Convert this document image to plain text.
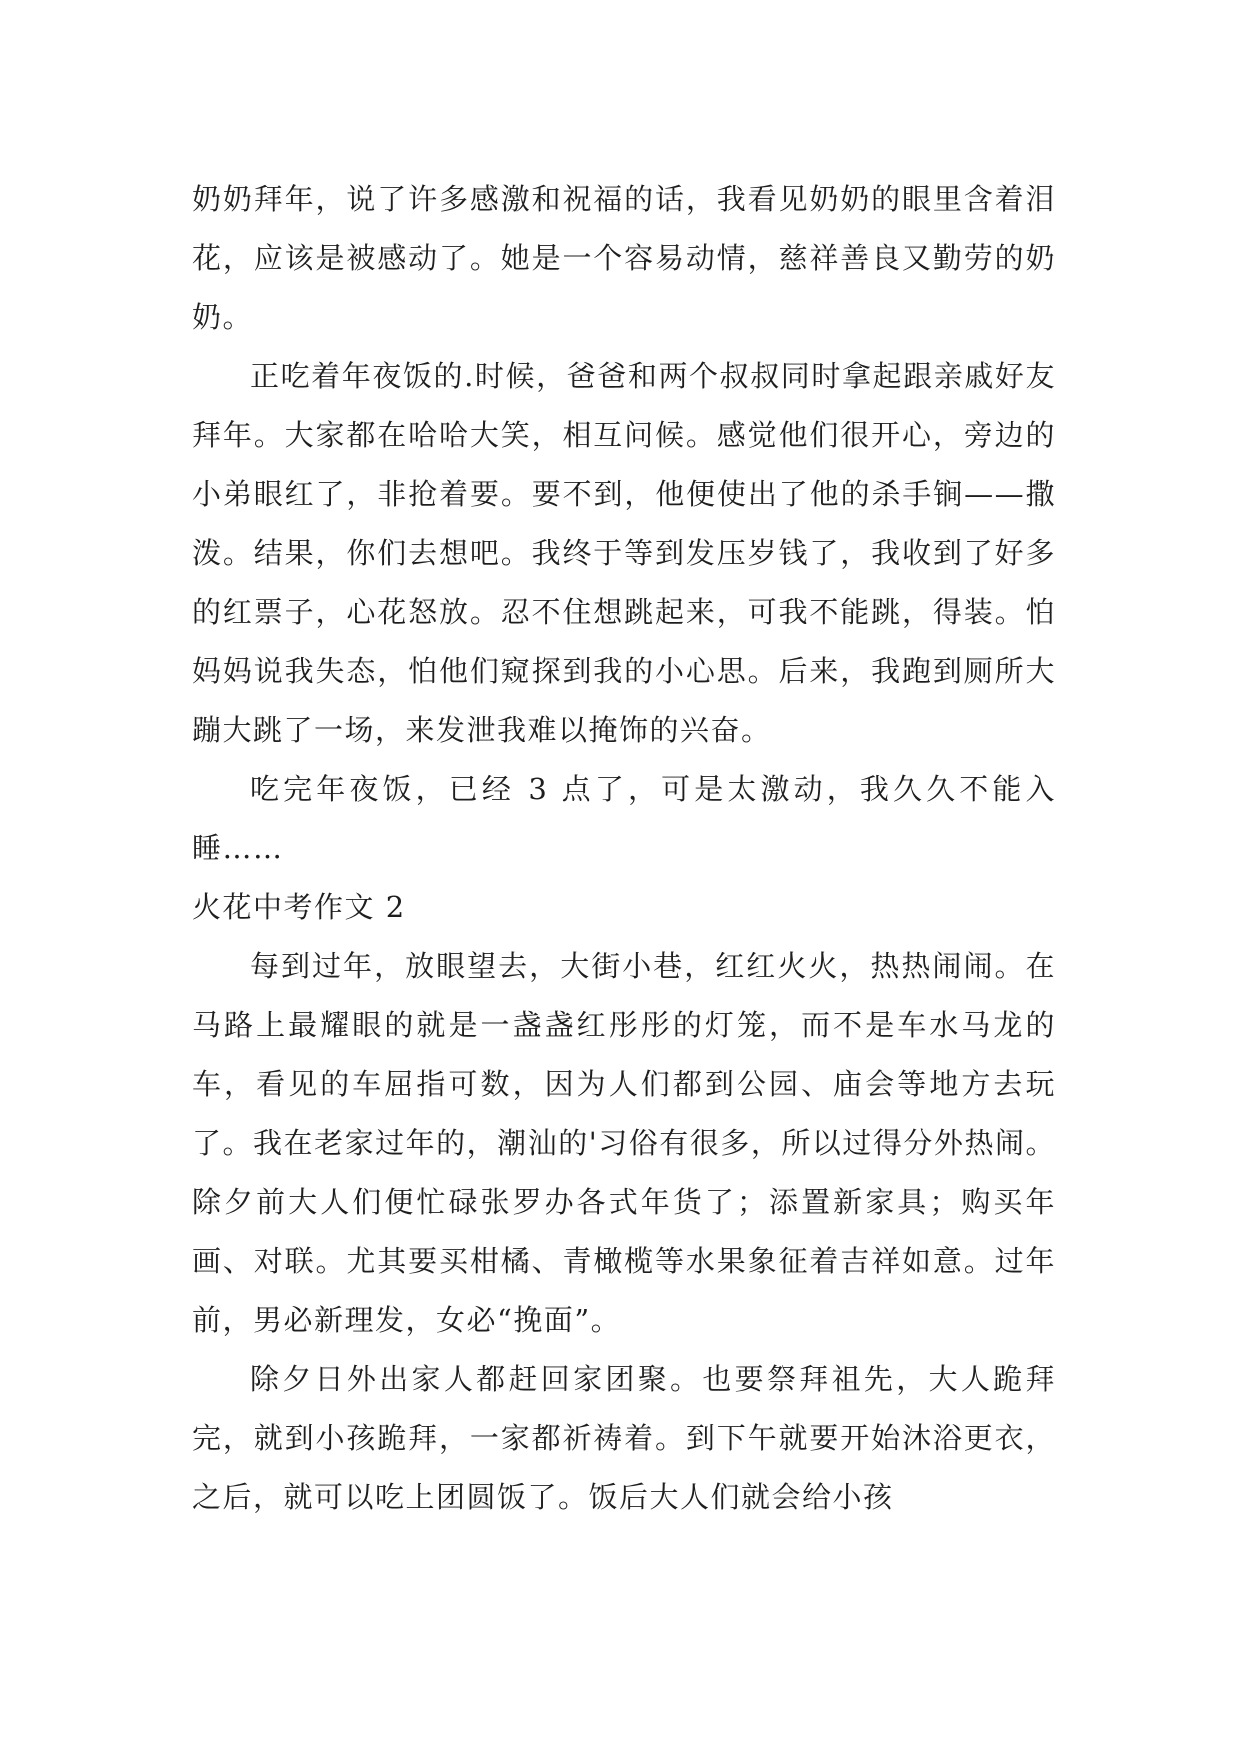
奶奶拜年，说了许多感激和祝福的话，我看见奶奶的眼里含着泪花，应该是被感动了。她是一个容易动情，慈祥善良又勤劳的奶奶。

正吃着年夜饭的.时候，爸爸和两个叔叔同时拿起跟亲戚好友拜年。大家都在哈哈大笑，相互问候。感觉他们很开心，旁边的小弟眼红了，非抢着要。要不到，他便使出了他的杀手锏——撒泼。结果，你们去想吧。我终于等到发压岁钱了，我收到了好多的红票子，心花怒放。忍不住想跳起来，可我不能跳，得装。怕妈妈说我失态，怕他们窥探到我的小心思。后来，我跑到厕所大蹦大跳了一场，来发泄我难以掩饰的兴奋。

吃完年夜饭，已经 3 点了，可是太激动，我久久不能入睡……

火花中考作文 2

每到过年，放眼望去，大街小巷，红红火火，热热闹闹。在马路上最耀眼的就是一盏盏红彤彤的灯笼，而不是车水马龙的车，看见的车屈指可数，因为人们都到公园、庙会等地方去玩了。我在老家过年的，潮汕的'习俗有很多，所以过得分外热闹。除夕前大人们便忙碌张罗办各式年货了；添置新家具；购买年画、对联。尤其要买柑橘、青橄榄等水果象征着吉祥如意。过年前，男必新理发，女必“挽面”。

除夕日外出家人都赶回家团聚。也要祭拜祖先，大人跪拜完，就到小孩跪拜，一家都祈祷着。到下午就要开始沐浴更衣，之后，就可以吃上团圆饭了。饭后大人们就会给小孩
